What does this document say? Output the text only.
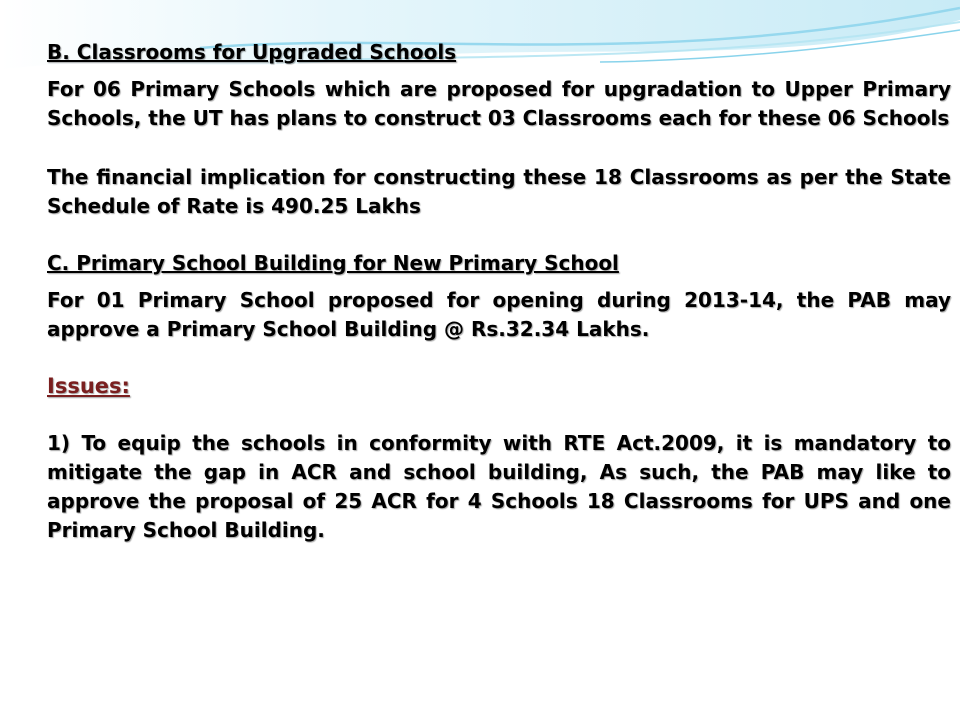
B. Classrooms for Upgraded Schools

For 06 Primary Schools which are proposed for upgradation to Upper Primary Schools, the UT has plans to construct 03 Classrooms each for these 06 Schools

The financial implication for constructing these 18 Classrooms as per the State Schedule of Rate is 490.25 Lakhs

C. Primary School Building for New Primary School

For 01 Primary School proposed for opening during 2013-14, the PAB may approve a Primary School Building @ Rs.32.34 Lakhs.

Issues:

1) To equip the schools in conformity with RTE Act.2009, it is mandatory to mitigate the gap in ACR and school building, As such, the PAB may like to approve the proposal of 25 ACR for 4 Schools 18 Classrooms for UPS and one Primary School Building.
